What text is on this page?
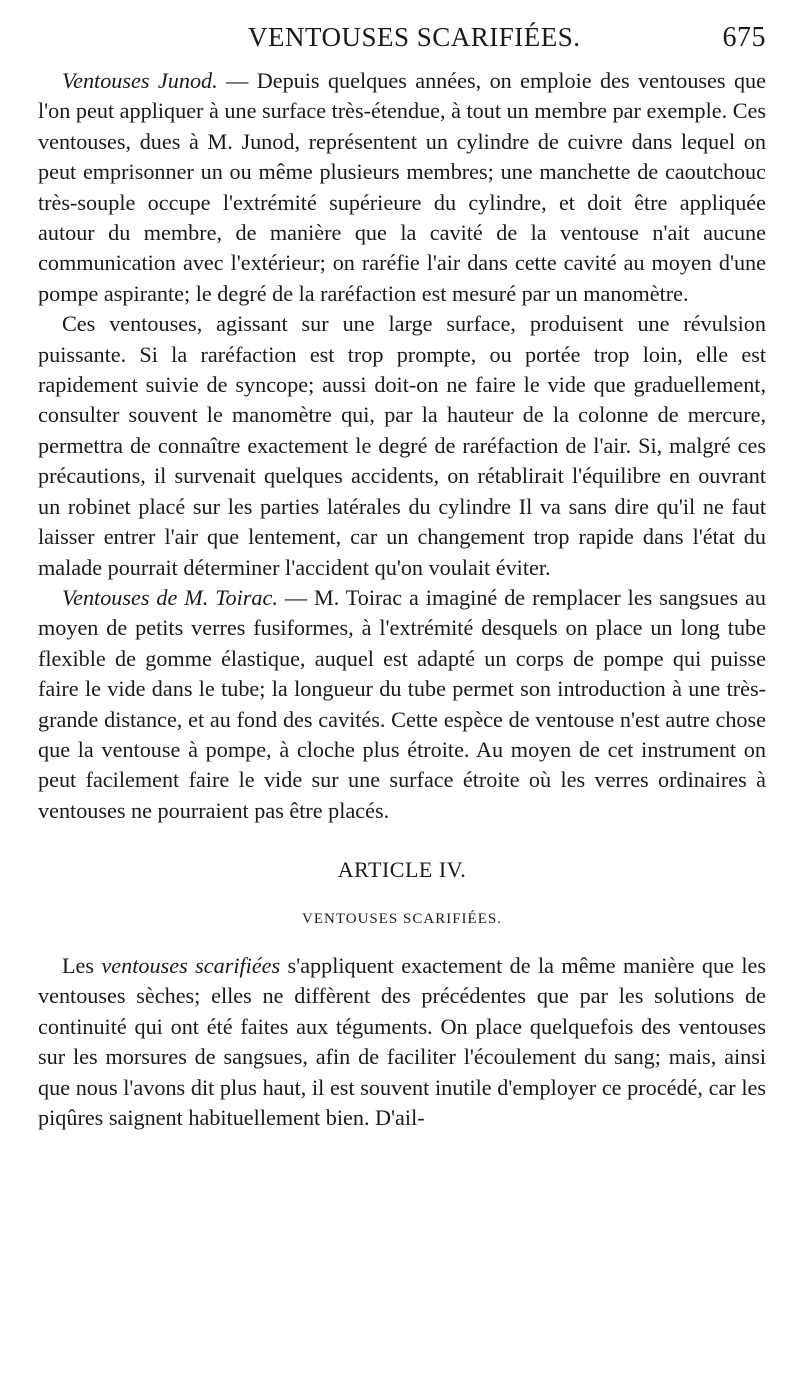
VENTOUSES SCARIFIÉES.	675

Ventouses Junod. — Depuis quelques années, on emploie des ventouses que l'on peut appliquer à une surface très-étendue, à tout un membre par exemple. Ces ventouses, dues à M. Junod, représentent un cylindre de cuivre dans lequel on peut emprisonner un ou même plusieurs membres; une manchette de caoutchouc très-souple occupe l'extrémité supérieure du cylindre, et doit être appliquée autour du membre, de manière que la cavité de la ventouse n'ait aucune communication avec l'extérieur; on raréfie l'air dans cette cavité au moyen d'une pompe aspirante; le degré de la raréfaction est mesuré par un manomètre.

Ces ventouses, agissant sur une large surface, produisent une révulsion puissante. Si la raréfaction est trop prompte, ou portée trop loin, elle est rapidement suivie de syncope; aussi doit-on ne faire le vide que graduellement, consulter souvent le manomètre qui, par la hauteur de la colonne de mercure, permettra de connaître exactement le degré de raréfaction de l'air. Si, malgré ces précautions, il survenait quelques accidents, on rétablirait l'équilibre en ouvrant un robinet placé sur les parties latérales du cylindre Il va sans dire qu'il ne faut laisser entrer l'air que lentement, car un changement trop rapide dans l'état du malade pourrait déterminer l'accident qu'on voulait éviter.

Ventouses de M. Toirac. — M. Toirac a imaginé de remplacer les sangsues au moyen de petits verres fusiformes, à l'extrémité desquels on place un long tube flexible de gomme élastique, auquel est adapté un corps de pompe qui puisse faire le vide dans le tube; la longueur du tube permet son introduction à une très-grande distance, et au fond des cavités. Cette espèce de ventouse n'est autre chose que la ventouse à pompe, à cloche plus étroite. Au moyen de cet instrument on peut facilement faire le vide sur une surface étroite où les verres ordinaires à ventouses ne pourraient pas être placés.

ARTICLE IV.

VENTOUSES SCARIFIÉES.

Les ventouses scarifiées s'appliquent exactement de la même manière que les ventouses sèches; elles ne diffèrent des précédentes que par les solutions de continuité qui ont été faites aux téguments. On place quelquefois des ventouses sur les morsures de sangsues, afin de faciliter l'écoulement du sang; mais, ainsi que nous l'avons dit plus haut, il est souvent inutile d'employer ce procédé, car les piqûres saignent habituellement bien. D'ail-
